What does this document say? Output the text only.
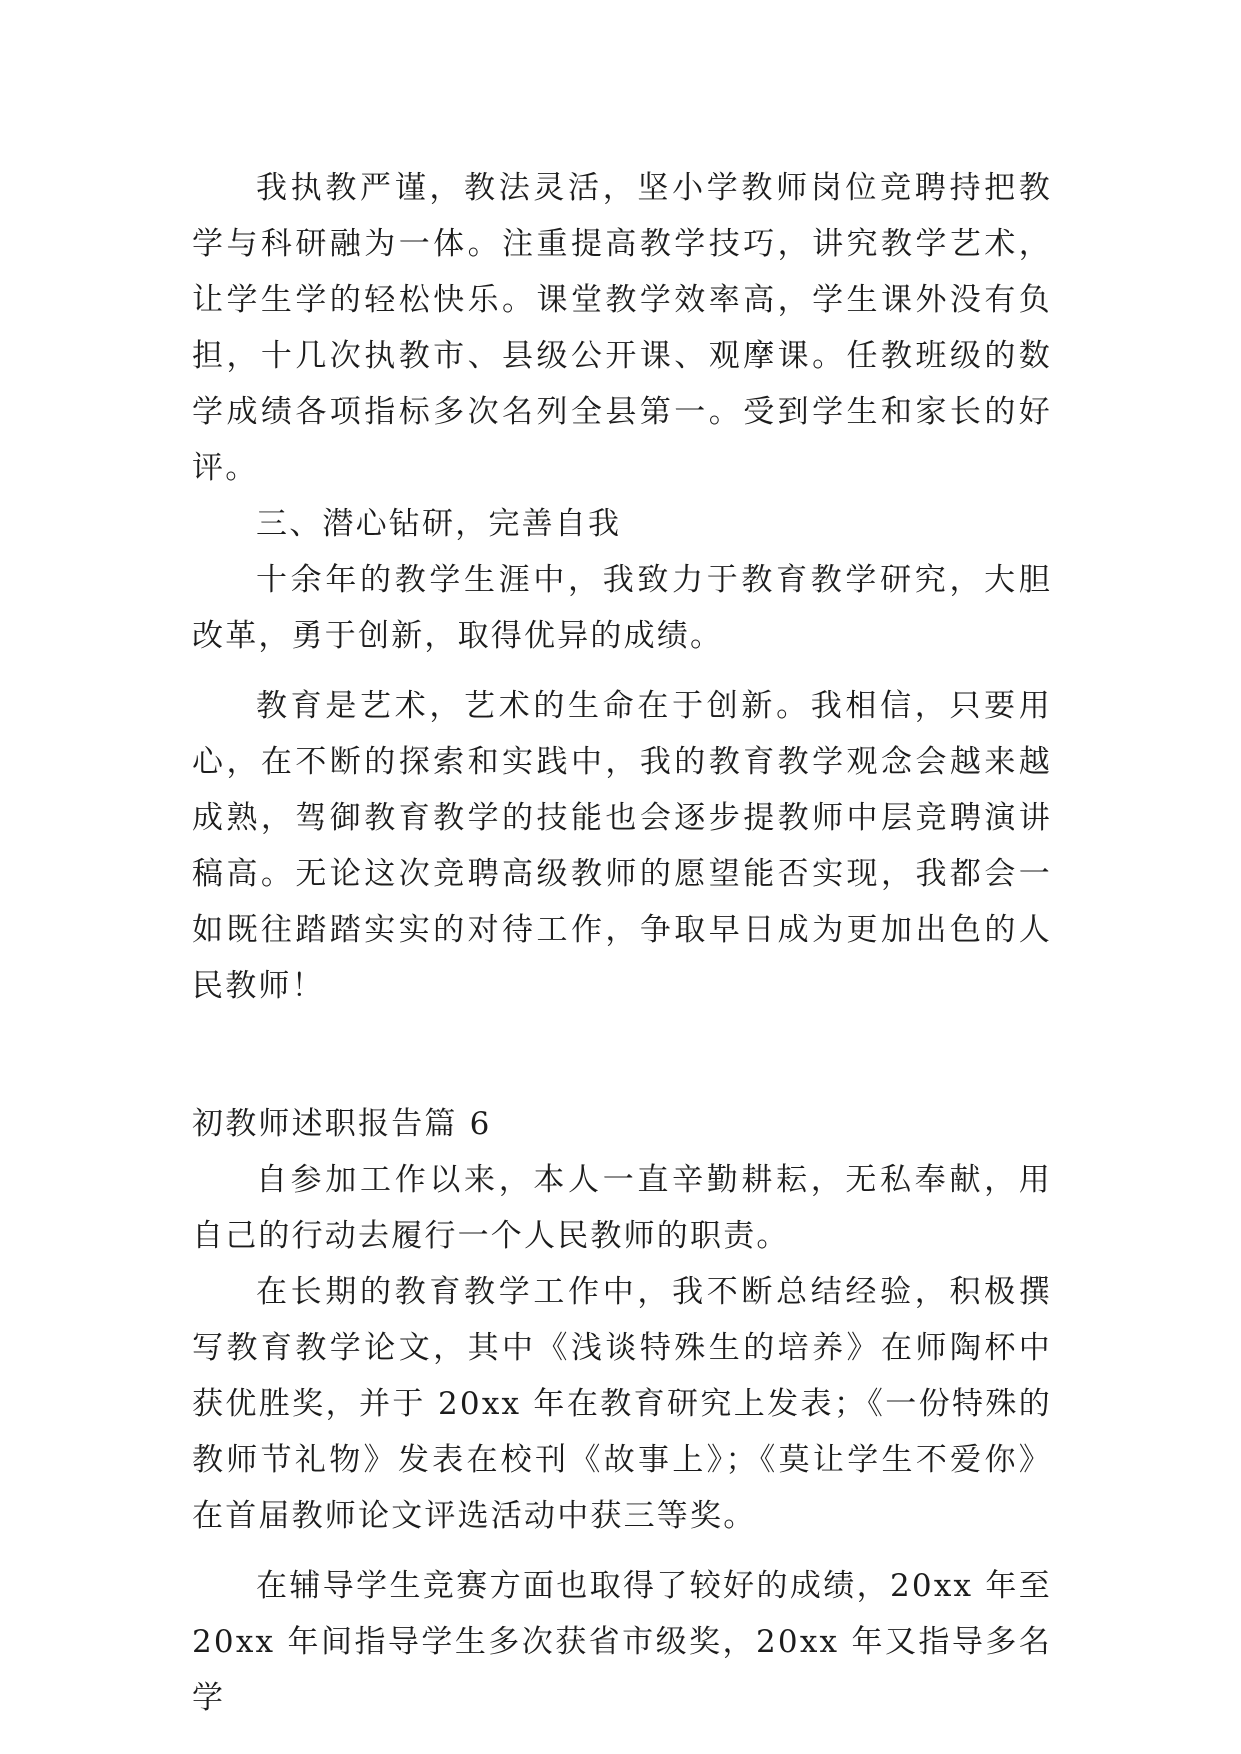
我执教严谨，教法灵活，坚小学教师岗位竞聘持把教学与科研融为一体。注重提高教学技巧，讲究教学艺术，让学生学的轻松快乐。课堂教学效率高，学生课外没有负担，十几次执教市、县级公开课、观摩课。任教班级的数学成绩各项指标多次名列全县第一。受到学生和家长的好评。

三、潜心钻研，完善自我

十余年的教学生涯中，我致力于教育教学研究，大胆改革，勇于创新，取得优异的成绩。

教育是艺术，艺术的生命在于创新。我相信，只要用心，在不断的探索和实践中，我的教育教学观念会越来越成熟，驾御教育教学的技能也会逐步提教师中层竞聘演讲稿高。无论这次竞聘高级教师的愿望能否实现，我都会一如既往踏踏实实的对待工作，争取早日成为更加出色的人民教师！

初教师述职报告篇 6

自参加工作以来，本人一直辛勤耕耘，无私奉献，用自己的行动去履行一个人民教师的职责。

在长期的教育教学工作中，我不断总结经验，积极撰写教育教学论文，其中《浅谈特殊生的培养》在师陶杯中获优胜奖，并于 20xx 年在教育研究上发表；《一份特殊的教师节礼物》发表在校刊《故事上》；《莫让学生不爱你》在首届教师论文评选活动中获三等奖。

在辅导学生竞赛方面也取得了较好的成绩，20xx 年至 20xx 年间指导学生多次获省市级奖，20xx 年又指导多名学
